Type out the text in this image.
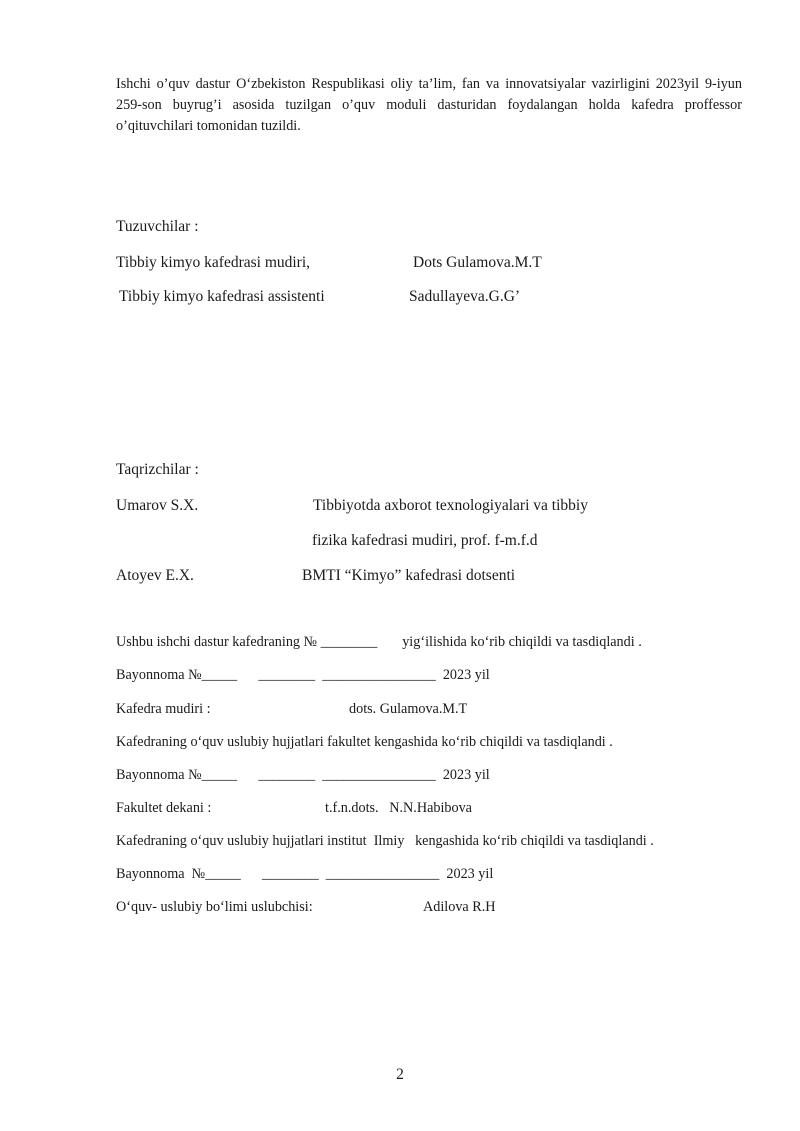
Ishchi o’quv dastur O‘zbekiston Respublikasi oliy ta’lim, fan va innovatsiyalar vazirligini 2023yil 9-iyun 259-son buyrug’i asosida tuzilgan o’quv moduli dasturidan foydalangan holda kafedra proffessor o’qituvchilari tomonidan tuzildi.
Tuzuvchilar :
Tibbiy kimyo kafedrasi mudiri,	Dots Gulamova.M.T
Tibbiy kimyo kafedrasi assistenti	Sadullayeva.G.G’
Taqrizchilar :
Umarov S.X.	Tibbiyotda axborot texnologiyalari va tibbiy
fizika kafedrasi mudiri, prof. f-m.f.d
Atoyev E.X.	BMTI “Kimyo” kafedrasi dotsenti
Ushbu ishchi dastur kafedraning № ________       yig‘ilishida ko‘rib chiqildi va tasdiqlandi .
Bayonnoma №_____      ________  ________________  2023 yil
Kafedra mudiri :	dots. Gulamova.M.T
Kafedraning o‘quv uslubiy hujjatlari fakultet kengashida ko‘rib chiqildi va tasdiqlandi .
Bayonnoma №_____      ________  ________________  2023 yil
Fakultet dekani :	t.f.n.dots.   N.N.Habibova
Kafedraning o‘quv uslubiy hujjatlari institut  Ilmiy   kengashida ko‘rib chiqildi va tasdiqlandi .
Bayonnoma  №_____      ________  ________________  2023 yil
O‘quv- uslubiy bo‘limi uslubchisi:	Adilova R.H
2
